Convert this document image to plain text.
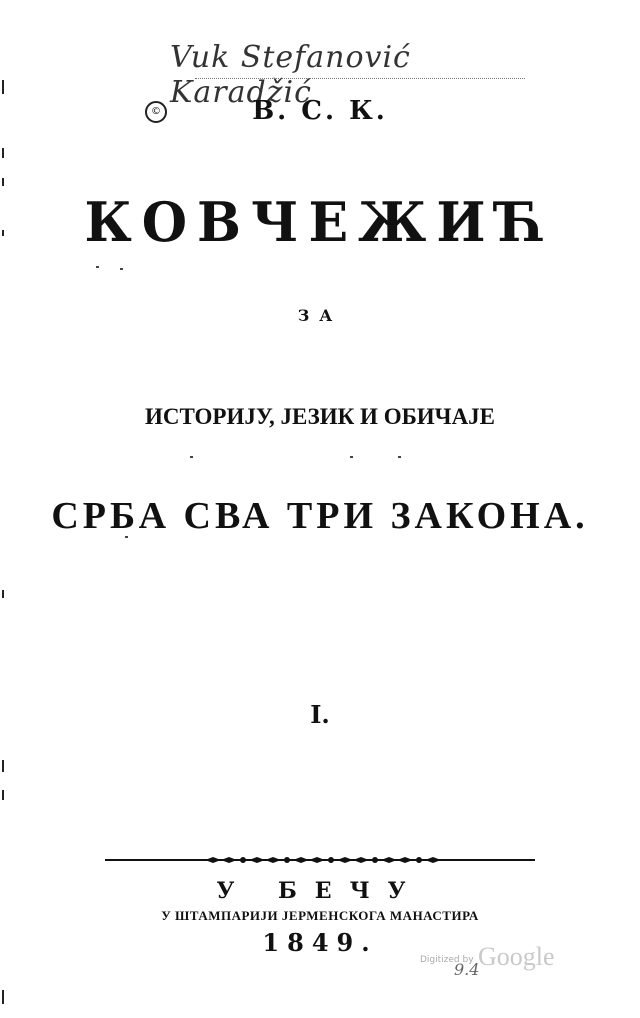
Vuk Stefanović Karadžić
©	В. С. К.
КОВЧЕЖИЋ
ЗА
ИСТОРИЈУ, ЈЕЗИК И ОБИЧАЈЕ
СРБА СВА ТРИ ЗАКОНА.
I.
У БЕЧУ
У ШТАМПАРИЈИ ЈЕРМЕНСКОГА МАНАСТИРА
1849.
Digitized by
9.4
Google
